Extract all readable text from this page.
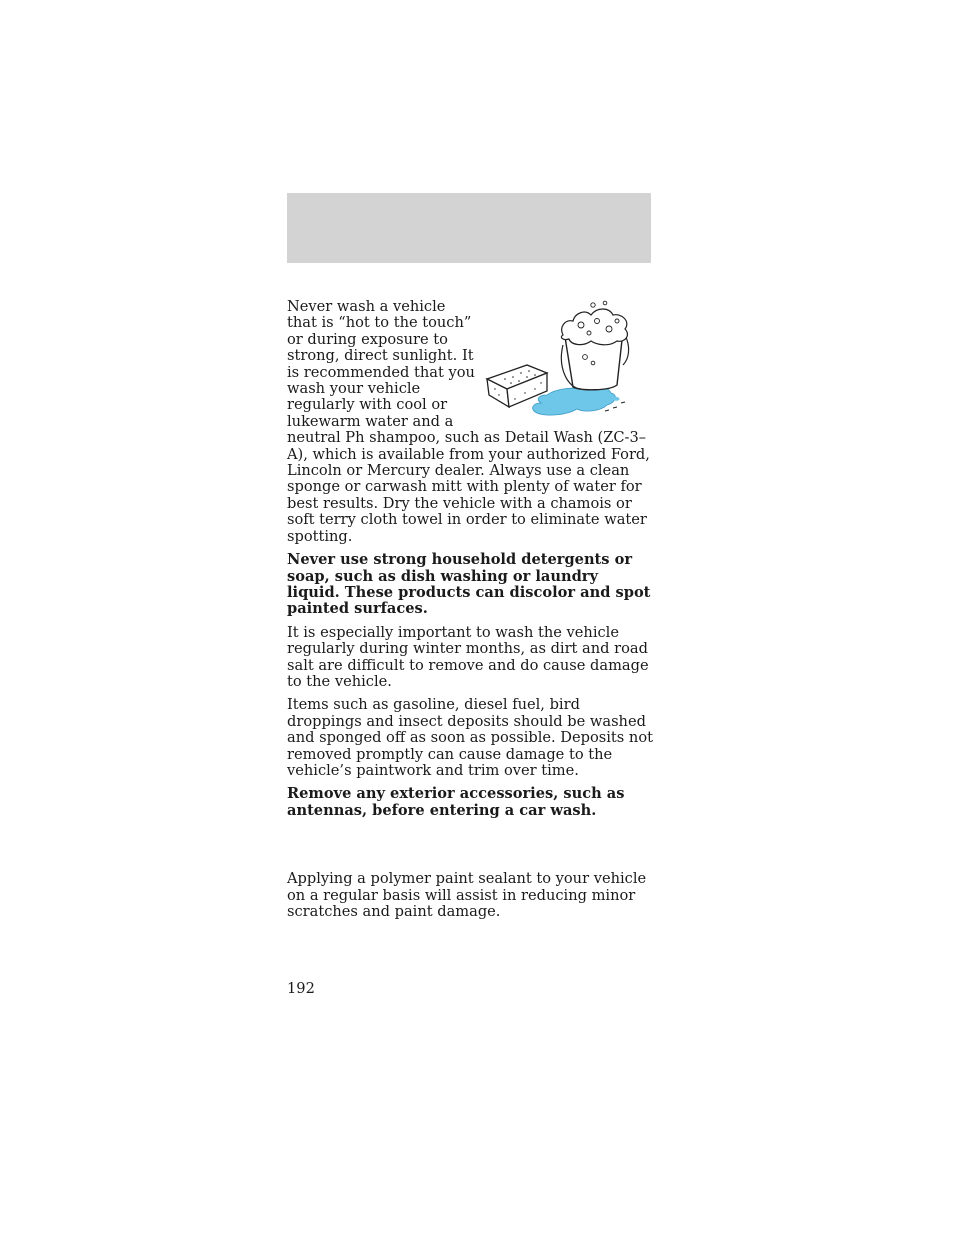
Never wash a vehicle that is “hot to the touch” or during exposure to strong, direct sunlight. It is recommended that you wash your vehicle regularly with cool or lukewarm water and a neutral Ph shampoo, such as Detail Wash (ZC-3–A), which is available from your authorized Ford, Lincoln or Mercury dealer. Always use a clean sponge or carwash mitt with plenty of water for best results. Dry the vehicle with a chamois or soft terry cloth towel in order to eliminate water spotting.

Never use strong household detergents or soap, such as dish washing or laundry liquid. These products can discolor and spot painted surfaces.

It is especially important to wash the vehicle regularly during winter months, as dirt and road salt are difficult to remove and do cause damage to the vehicle.

Items such as gasoline, diesel fuel, bird droppings and insect deposits should be washed and sponged off as soon as possible. Deposits not removed promptly can cause damage to the vehicle’s paintwork and trim over time.

Remove any exterior accessories, such as antennas, before entering a car wash.

Applying a polymer paint sealant to your vehicle on a regular basis will assist in reducing minor scratches and paint damage.

192
